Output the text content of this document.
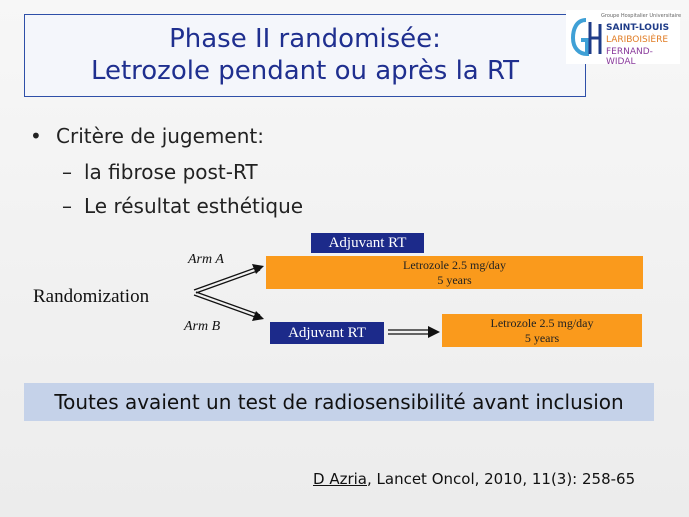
Phase II randomisée:
Letrozole pendant ou après la RT
Groupe Hospitalier Universitaire
SAINT-LOUIS
LARIBOISIÈRE
FERNAND-WIDAL
• Critère de jugement:
– la fibrose post-RT
– Le résultat esthétique
Randomization
Arm A
Arm B
Adjuvant RT
Letrozole 2.5 mg/day
5 years
Adjuvant RT
Letrozole 2.5 mg/day
5 years
Toutes avaient un test de radiosensibilité avant inclusion
D Azria, Lancet Oncol, 2010, 11(3): 258-65
